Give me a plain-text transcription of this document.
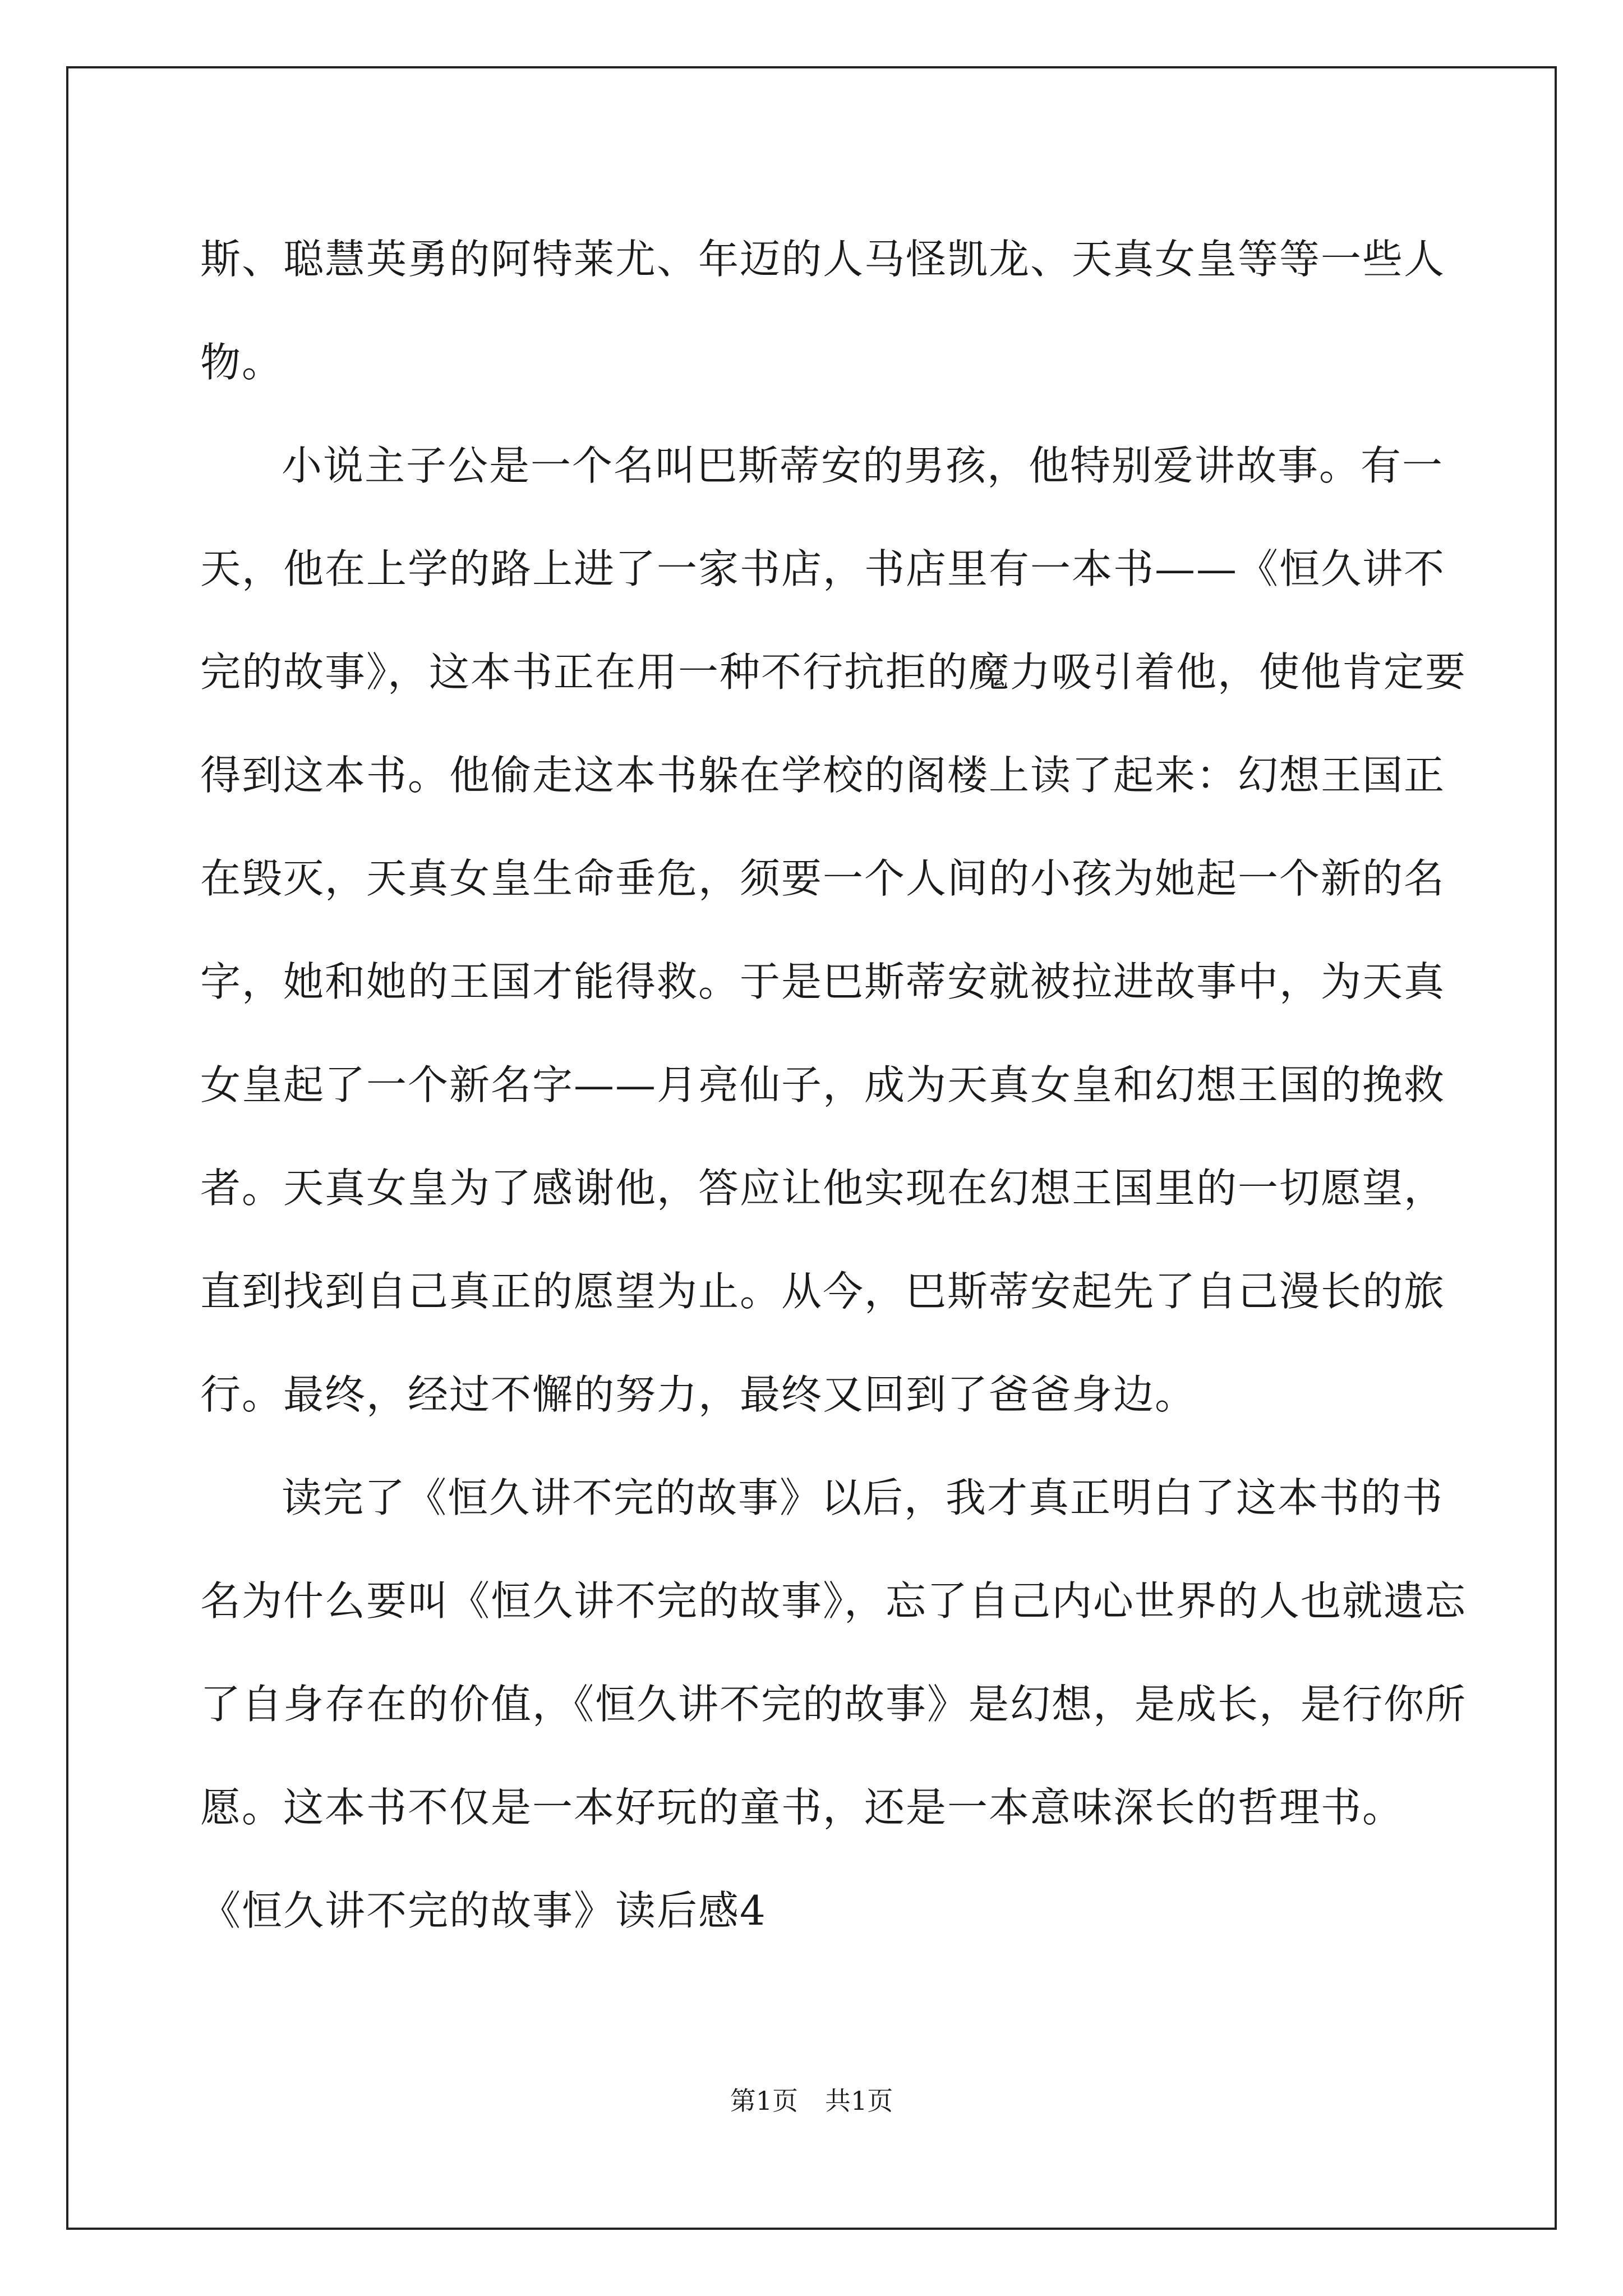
斯、聪慧英勇的阿特莱尤、年迈的人马怪凯龙、天真女皇等等一些人
物。
小说主子公是一个名叫巴斯蒂安的男孩，他特别爱讲故事。有一
天，他在上学的路上进了一家书店，书店里有一本书——《恒久讲不
完的故事》，这本书正在用一种不行抗拒的魔力吸引着他，使他肯定要
得到这本书。他偷走这本书躲在学校的阁楼上读了起来：幻想王国正
在毁灭，天真女皇生命垂危，须要一个人间的小孩为她起一个新的名
字，她和她的王国才能得救。于是巴斯蒂安就被拉进故事中，为天真
女皇起了一个新名字——月亮仙子，成为天真女皇和幻想王国的挽救
者。天真女皇为了感谢他，答应让他实现在幻想王国里的一切愿望，
直到找到自己真正的愿望为止。从今，巴斯蒂安起先了自己漫长的旅
行。最终，经过不懈的努力，最终又回到了爸爸身边。
读完了《恒久讲不完的故事》以后，我才真正明白了这本书的书
名为什么要叫《恒久讲不完的故事》，忘了自己内心世界的人也就遗忘
了自身存在的价值，《恒久讲不完的故事》是幻想，是成长，是行你所
愿。这本书不仅是一本好玩的童书，还是一本意味深长的哲理书。
《恒久讲不完的故事》读后感4
第1页 共1页
